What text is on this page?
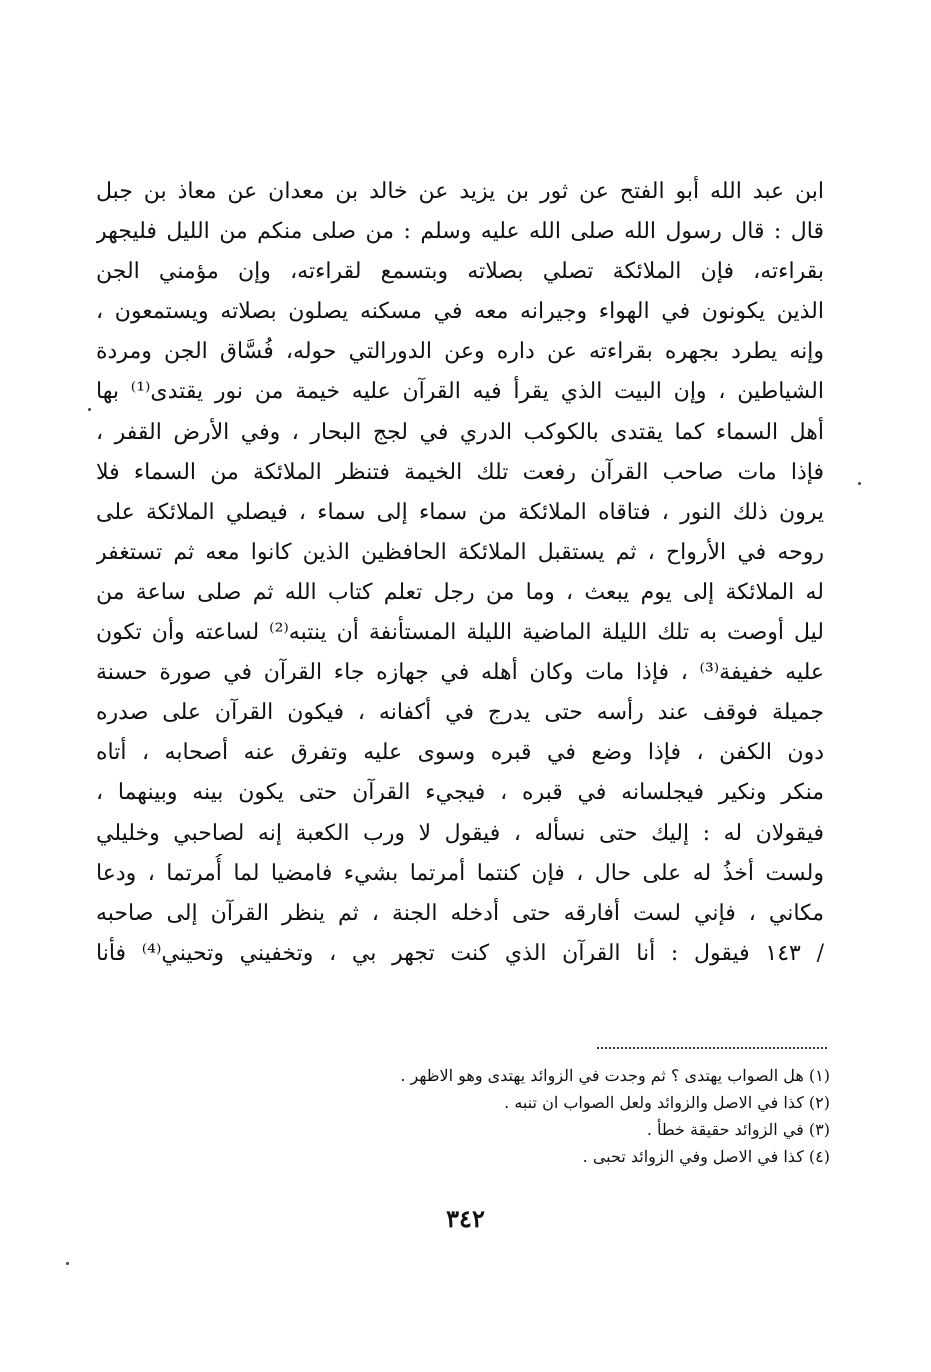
ابن عبد الله أبو الفتح عن ثور بن يزيد عن خالد بن معدان عن معاذ بن جبل
قال : قال رسول الله صلى الله عليه وسلم : من صلى منكم من الليل فليجهر
بقراءته، فإن الملائكة تصلي بصلاته وبتسمع لقراءته، وإن مؤمني الجن
الذين يكونون في الهواء وجيرانه معه في مسكنه يصلون بصلاته ويستمعون ،
وإنه يطرد بجهره بقراءته عن داره وعن الدورالتي حوله، فُسَّاق الجن ومردة
الشياطين ، وإن البيت الذي يقرأ فيه القرآن عليه خيمة من نور يقتدى⁽¹⁾ بها
أهل السماء كما يقتدى بالكوكب الدري في لجج البحار ، وفي الأرض القفر ،
فإذا مات صاحب القرآن رفعت تلك الخيمة فتنظر الملائكة من السماء فلا
يرون ذلك النور ، فتاقاه الملائكة من سماء إلى سماء ، فيصلي الملائكة على
روحه في الأرواح ، ثم يستقبل الملائكة الحافظين الذين كانوا معه ثم تستغفر
له الملائكة إلى يوم يبعث ، وما من رجل تعلم كتاب الله ثم صلى ساعة من
ليل أوصت به تلك الليلة الماضية الليلة المستأنفة أن ينتبه⁽²⁾ لساعته وأن تكون
عليه خفيفة⁽³⁾ ، فإذا مات وكان أهله في جهازه جاء القرآن في صورة حسنة
جميلة فوقف عند رأسه حتى يدرج في أكفانه ، فيكون القرآن على صدره
دون الكفن ، فإذا وضع في قبره وسوى عليه وتفرق عنه أصحابه ، أتاه
منكر ونكير فيجلسانه في قبره ، فيجيء القرآن حتى يكون بينه وبينهما ،
فيقولان له : إليك حتى نسأله ، فيقول لا ورب الكعبة إنه لصاحبي وخليلي
ولست أخذُ له على حال ، فإن كنتما أمرتما بشيء فامضيا لما أُمرتما ، ودعا
مكاني ، فإني لست أفارقه حتى أدخله الجنة ، ثم ينظر القرآن إلى صاحبه
/ ١٤٣ فيقول : أنا القرآن الذي كنت تجهر بي ، وتخفيني وتحيني⁽⁴⁾ فأنا
(١) هل الصواب يهتدى ؟ ثم وجدت في الزوائد يهتدى وهو الاظهر .
(٢) كذا في الاصل والزوائد ولعل الصواب ان تنبه .
(٣) في الزوائد حقيقة خطأ .
(٤) كذا في الاصل وفي الزوائد تحبى .
٣٤٢
